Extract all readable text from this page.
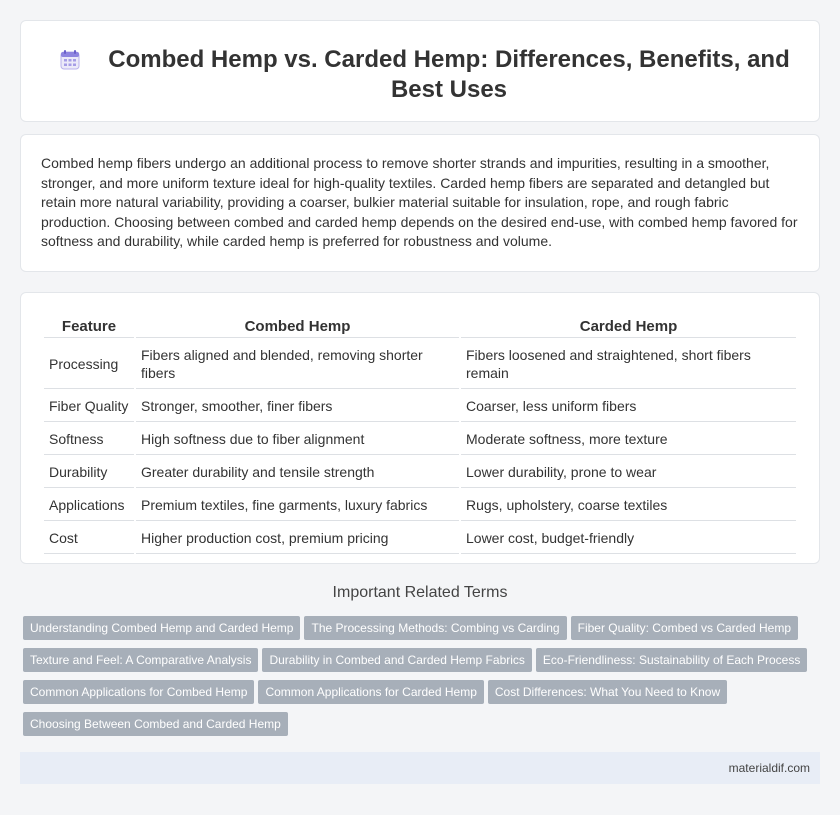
Combed Hemp vs. Carded Hemp: Differences, Benefits, and Best Uses

Combed hemp fibers undergo an additional process to remove shorter strands and impurities, resulting in a smoother, stronger, and more uniform texture ideal for high-quality textiles. Carded hemp fibers are separated and detangled but retain more natural variability, providing a coarser, bulkier material suitable for insulation, rope, and rough fabric production. Choosing between combed and carded hemp depends on the desired end-use, with combed hemp favored for softness and durability, while carded hemp is preferred for robustness and volume.

Feature	Combed Hemp	Carded Hemp
Processing	Fibers aligned and blended, removing shorter fibers	Fibers loosened and straightened, short fibers remain
Fiber Quality	Stronger, smoother, finer fibers	Coarser, less uniform fibers
Softness	High softness due to fiber alignment	Moderate softness, more texture
Durability	Greater durability and tensile strength	Lower durability, prone to wear
Applications	Premium textiles, fine garments, luxury fabrics	Rugs, upholstery, coarse textiles
Cost	Higher production cost, premium pricing	Lower cost, budget-friendly
Important Related Terms
Understanding Combed Hemp and Carded Hemp	The Processing Methods: Combing vs Carding	Fiber Quality: Combed vs Carded Hemp
Texture and Feel: A Comparative Analysis	Durability in Combed and Carded Hemp Fabrics	Eco-Friendliness: Sustainability of Each Process
Common Applications for Combed Hemp	Common Applications for Carded Hemp	Cost Differences: What You Need to Know
Choosing Between Combed and Carded Hemp
materialdif.com
